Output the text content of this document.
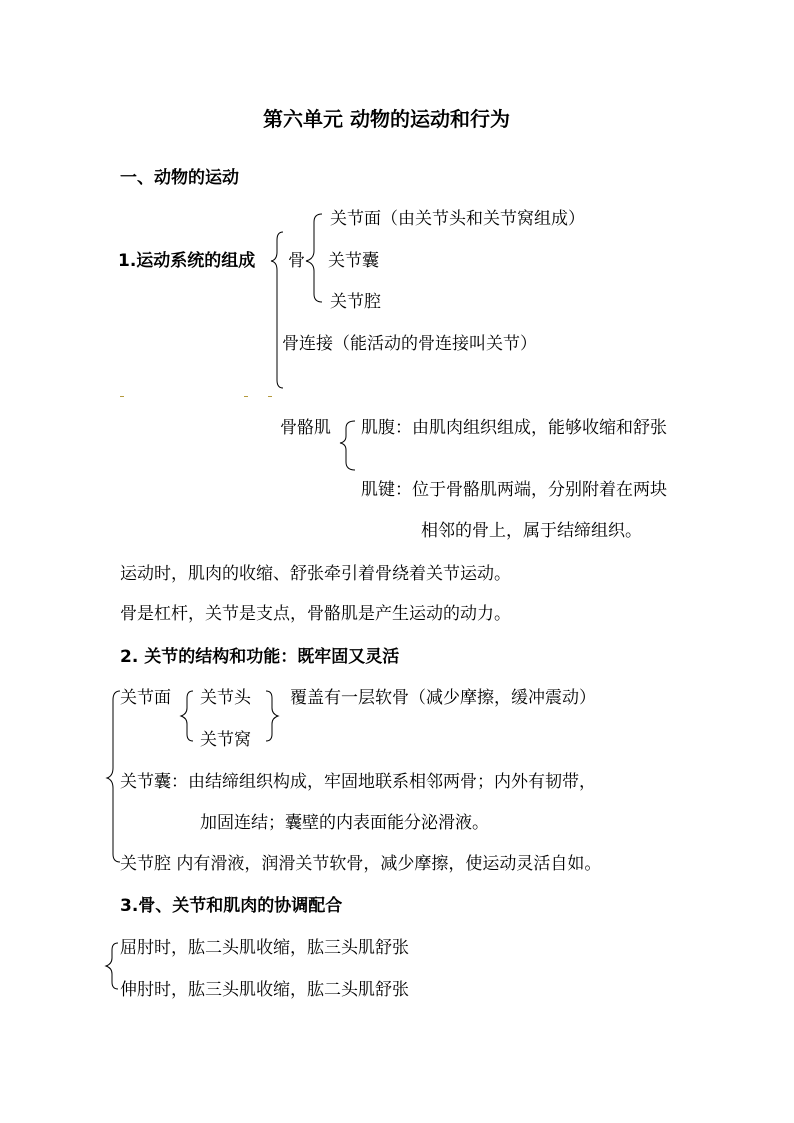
第六单元 动物的运动和行为
一、动物的运动
1.运动系统的组成 骨
关节面（由关节头和关节窝组成）
关节囊
关节腔
骨连接（能活动的骨连接叫关节）
骨骼肌 肌腹：由肌肉组织组成，能够收缩和舒张
肌键：位于骨骼肌两端，分别附着在两块
相邻的骨上，属于结缔组织。
运动时，肌肉的收缩、舒张牵引着骨绕着关节运动。
骨是杠杆，关节是支点，骨骼肌是产生运动的动力。
2. 关节的结构和功能：既牢固又灵活
关节面 关节头
关节窝
覆盖有一层软骨（减少摩擦，缓冲震动）
关节囊：由结缔组织构成，牢固地联系相邻两骨；内外有韧带，
加固连结；囊壁的内表面能分泌滑液。
关节腔 内有滑液，润滑关节软骨，减少摩擦，使运动灵活自如。
3.骨、关节和肌肉的协调配合
屈肘时，肱二头肌收缩，肱三头肌舒张
伸肘时，肱三头肌收缩，肱二头肌舒张
